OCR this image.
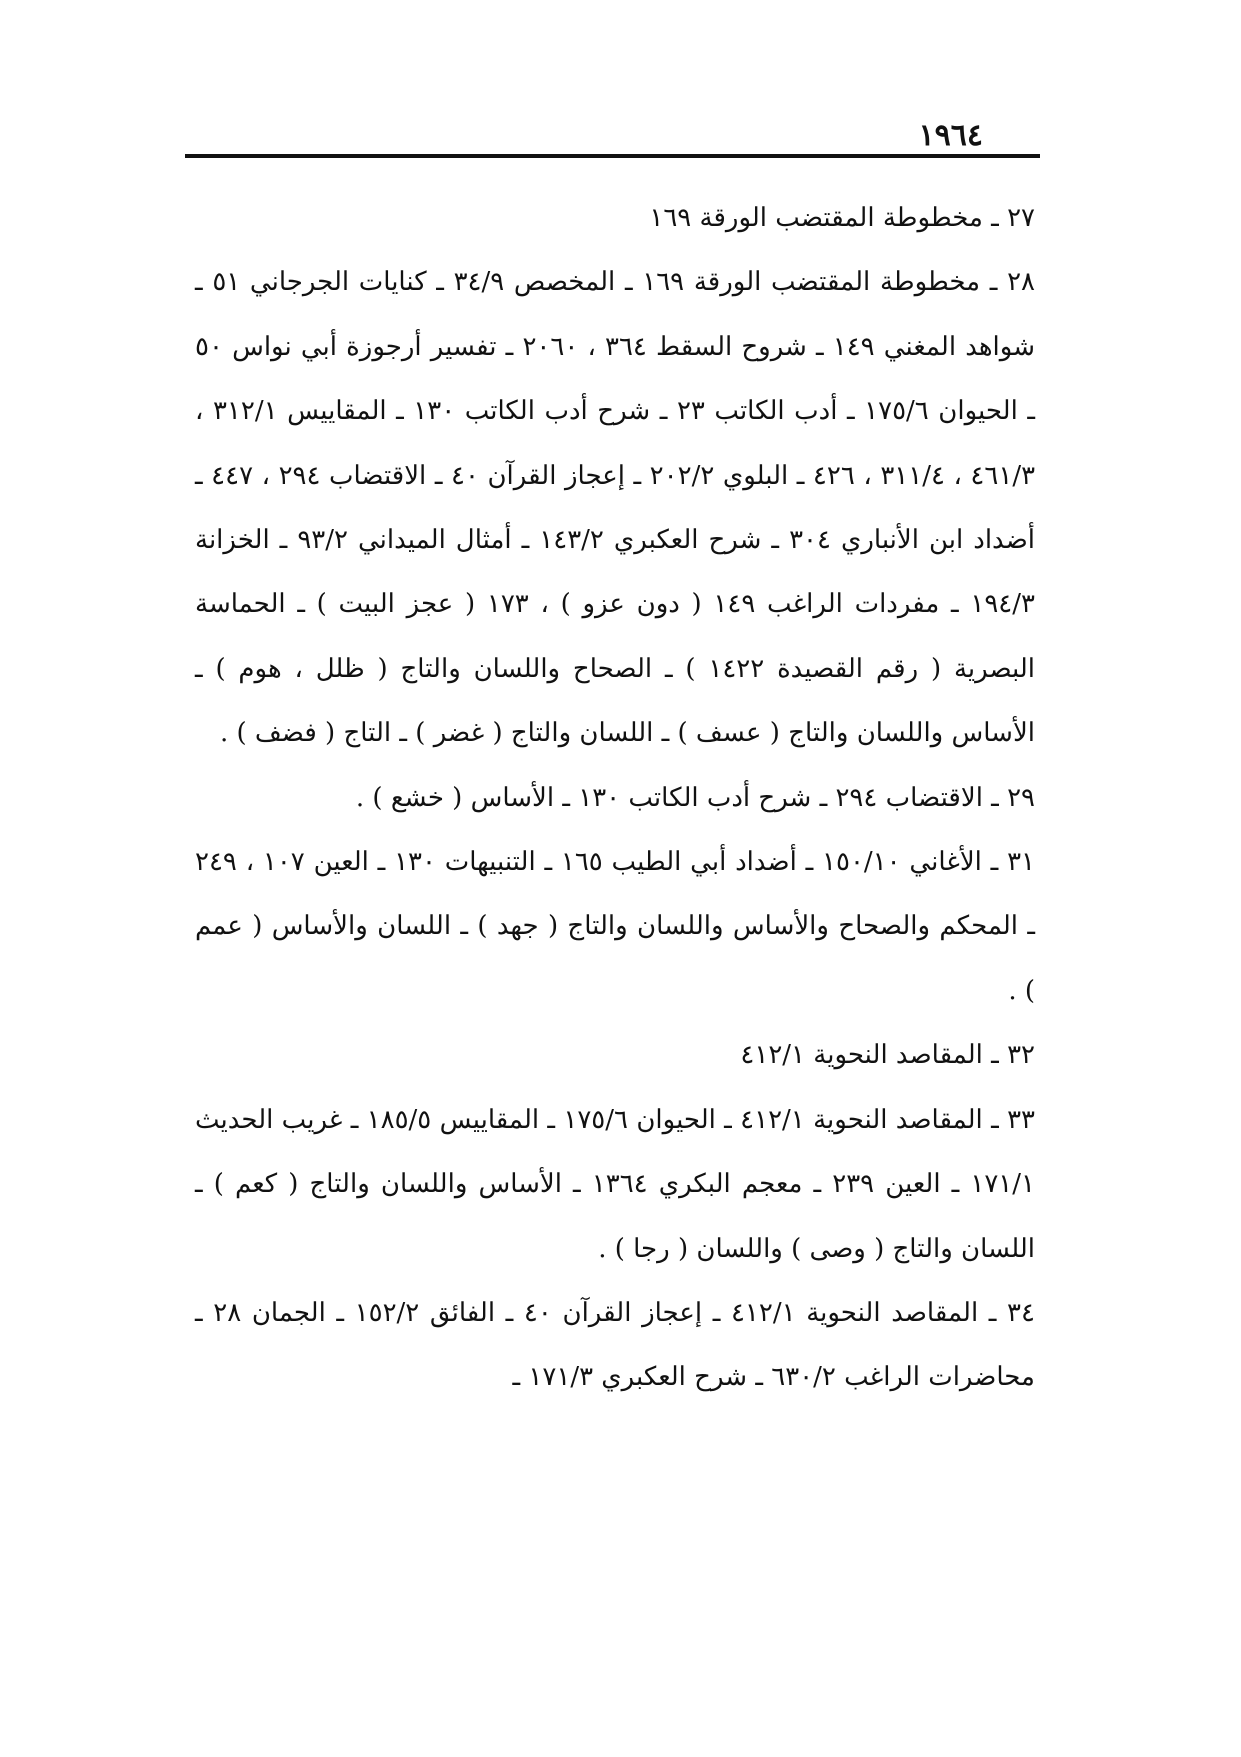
١٩٦٤

٢٧ ـ مخطوطة المقتضب الورقة ١٦٩

٢٨ ـ مخطوطة المقتضب الورقة ١٦٩ ـ المخصص ٣٤/٩ ـ كنايات الجرجاني ٥١ ـ شواهد المغني ١٤٩ ـ شروح السقط ٣٦٤ ، ٢٠٦٠ ـ تفسير أرجوزة أبي نواس ٥٠ ـ الحيوان ١٧٥/٦ ـ أدب الكاتب ٢٣ ـ شرح أدب الكاتب ١٣٠ ـ المقاييس ٣١٢/١ ، ٤٦١/٣ ، ٣١١/٤ ، ٤٢٦ ـ البلوي ٢٠٢/٢ ـ إعجاز القرآن ٤٠ ـ الاقتضاب ٢٩٤ ، ٤٤٧ ـ أضداد ابن الأنباري ٣٠٤ ـ شرح العكبري ١٤٣/٢ ـ أمثال الميداني ٩٣/٢ ـ الخزانة ١٩٤/٣ ـ مفردات الراغب ١٤٩ ( دون عزو ) ، ١٧٣ ( عجز البيت ) ـ الحماسة البصرية ( رقم القصيدة ١٤٢٢ ) ـ الصحاح واللسان والتاج ( ظلل ، هوم ) ـ الأساس واللسان والتاج ( عسف ) ـ اللسان والتاج ( غضر ) ـ التاج ( فضف ) .

٢٩ ـ الاقتضاب ٢٩٤ ـ شرح أدب الكاتب ١٣٠ ـ الأساس ( خشع ) .

٣١ ـ الأغاني ١٥٠/١٠ ـ أضداد أبي الطيب ١٦٥ ـ التنبيهات ١٣٠ ـ العين ١٠٧ ، ٢٤٩ ـ المحكم والصحاح والأساس واللسان والتاج ( جهد ) ـ اللسان والأساس ( عمم ) .

٣٢ ـ المقاصد النحوية ٤١٢/١

٣٣ ـ المقاصد النحوية ٤١٢/١ ـ الحيوان ١٧٥/٦ ـ المقاييس ١٨٥/٥ ـ غريب الحديث ١٧١/١ ـ العين ٢٣٩ ـ معجم البكري ١٣٦٤ ـ الأساس واللسان والتاج ( كعم ) ـ اللسان والتاج ( وصى ) واللسان ( رجا ) .

٣٤ ـ المقاصد النحوية ٤١٢/١ ـ إعجاز القرآن ٤٠ ـ الفائق ١٥٢/٢ ـ الجمان ٢٨ ـ محاضرات الراغب ٦٣٠/٢ ـ شرح العكبري ١٧١/٣ ـ
